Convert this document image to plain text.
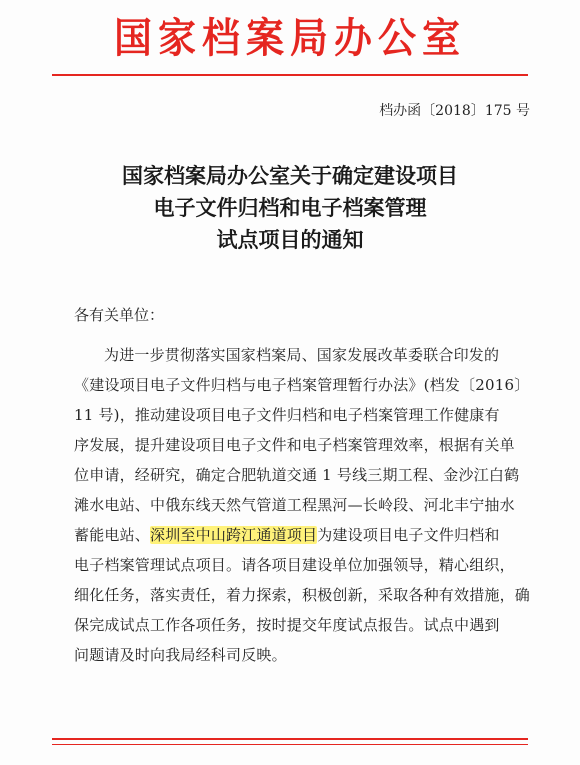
国家档案局办公室
档办函〔2018〕175 号
国家档案局办公室关于确定建设项目
电子文件归档和电子档案管理
试点项目的通知
各有关单位：
为进一步贯彻落实国家档案局、国家发展改革委联合印发的
《建设项目电子文件归档与电子档案管理暂行办法》(档发〔2016〕
11 号)，推动建设项目电子文件归档和电子档案管理工作健康有
序发展，提升建设项目电子文件和电子档案管理效率，根据有关单
位申请，经研究，确定合肥轨道交通 1 号线三期工程、金沙江白鹤
滩水电站、中俄东线天然气管道工程黑河—长岭段、河北丰宁抽水
蓄能电站、深圳至中山跨江通道项目为建设项目电子文件归档和
电子档案管理试点项目。请各项目建设单位加强领导，精心组织，
细化任务，落实责任，着力探索，积极创新，采取各种有效措施，确
保完成试点工作各项任务，按时提交年度试点报告。试点中遇到
问题请及时向我局经科司反映。
